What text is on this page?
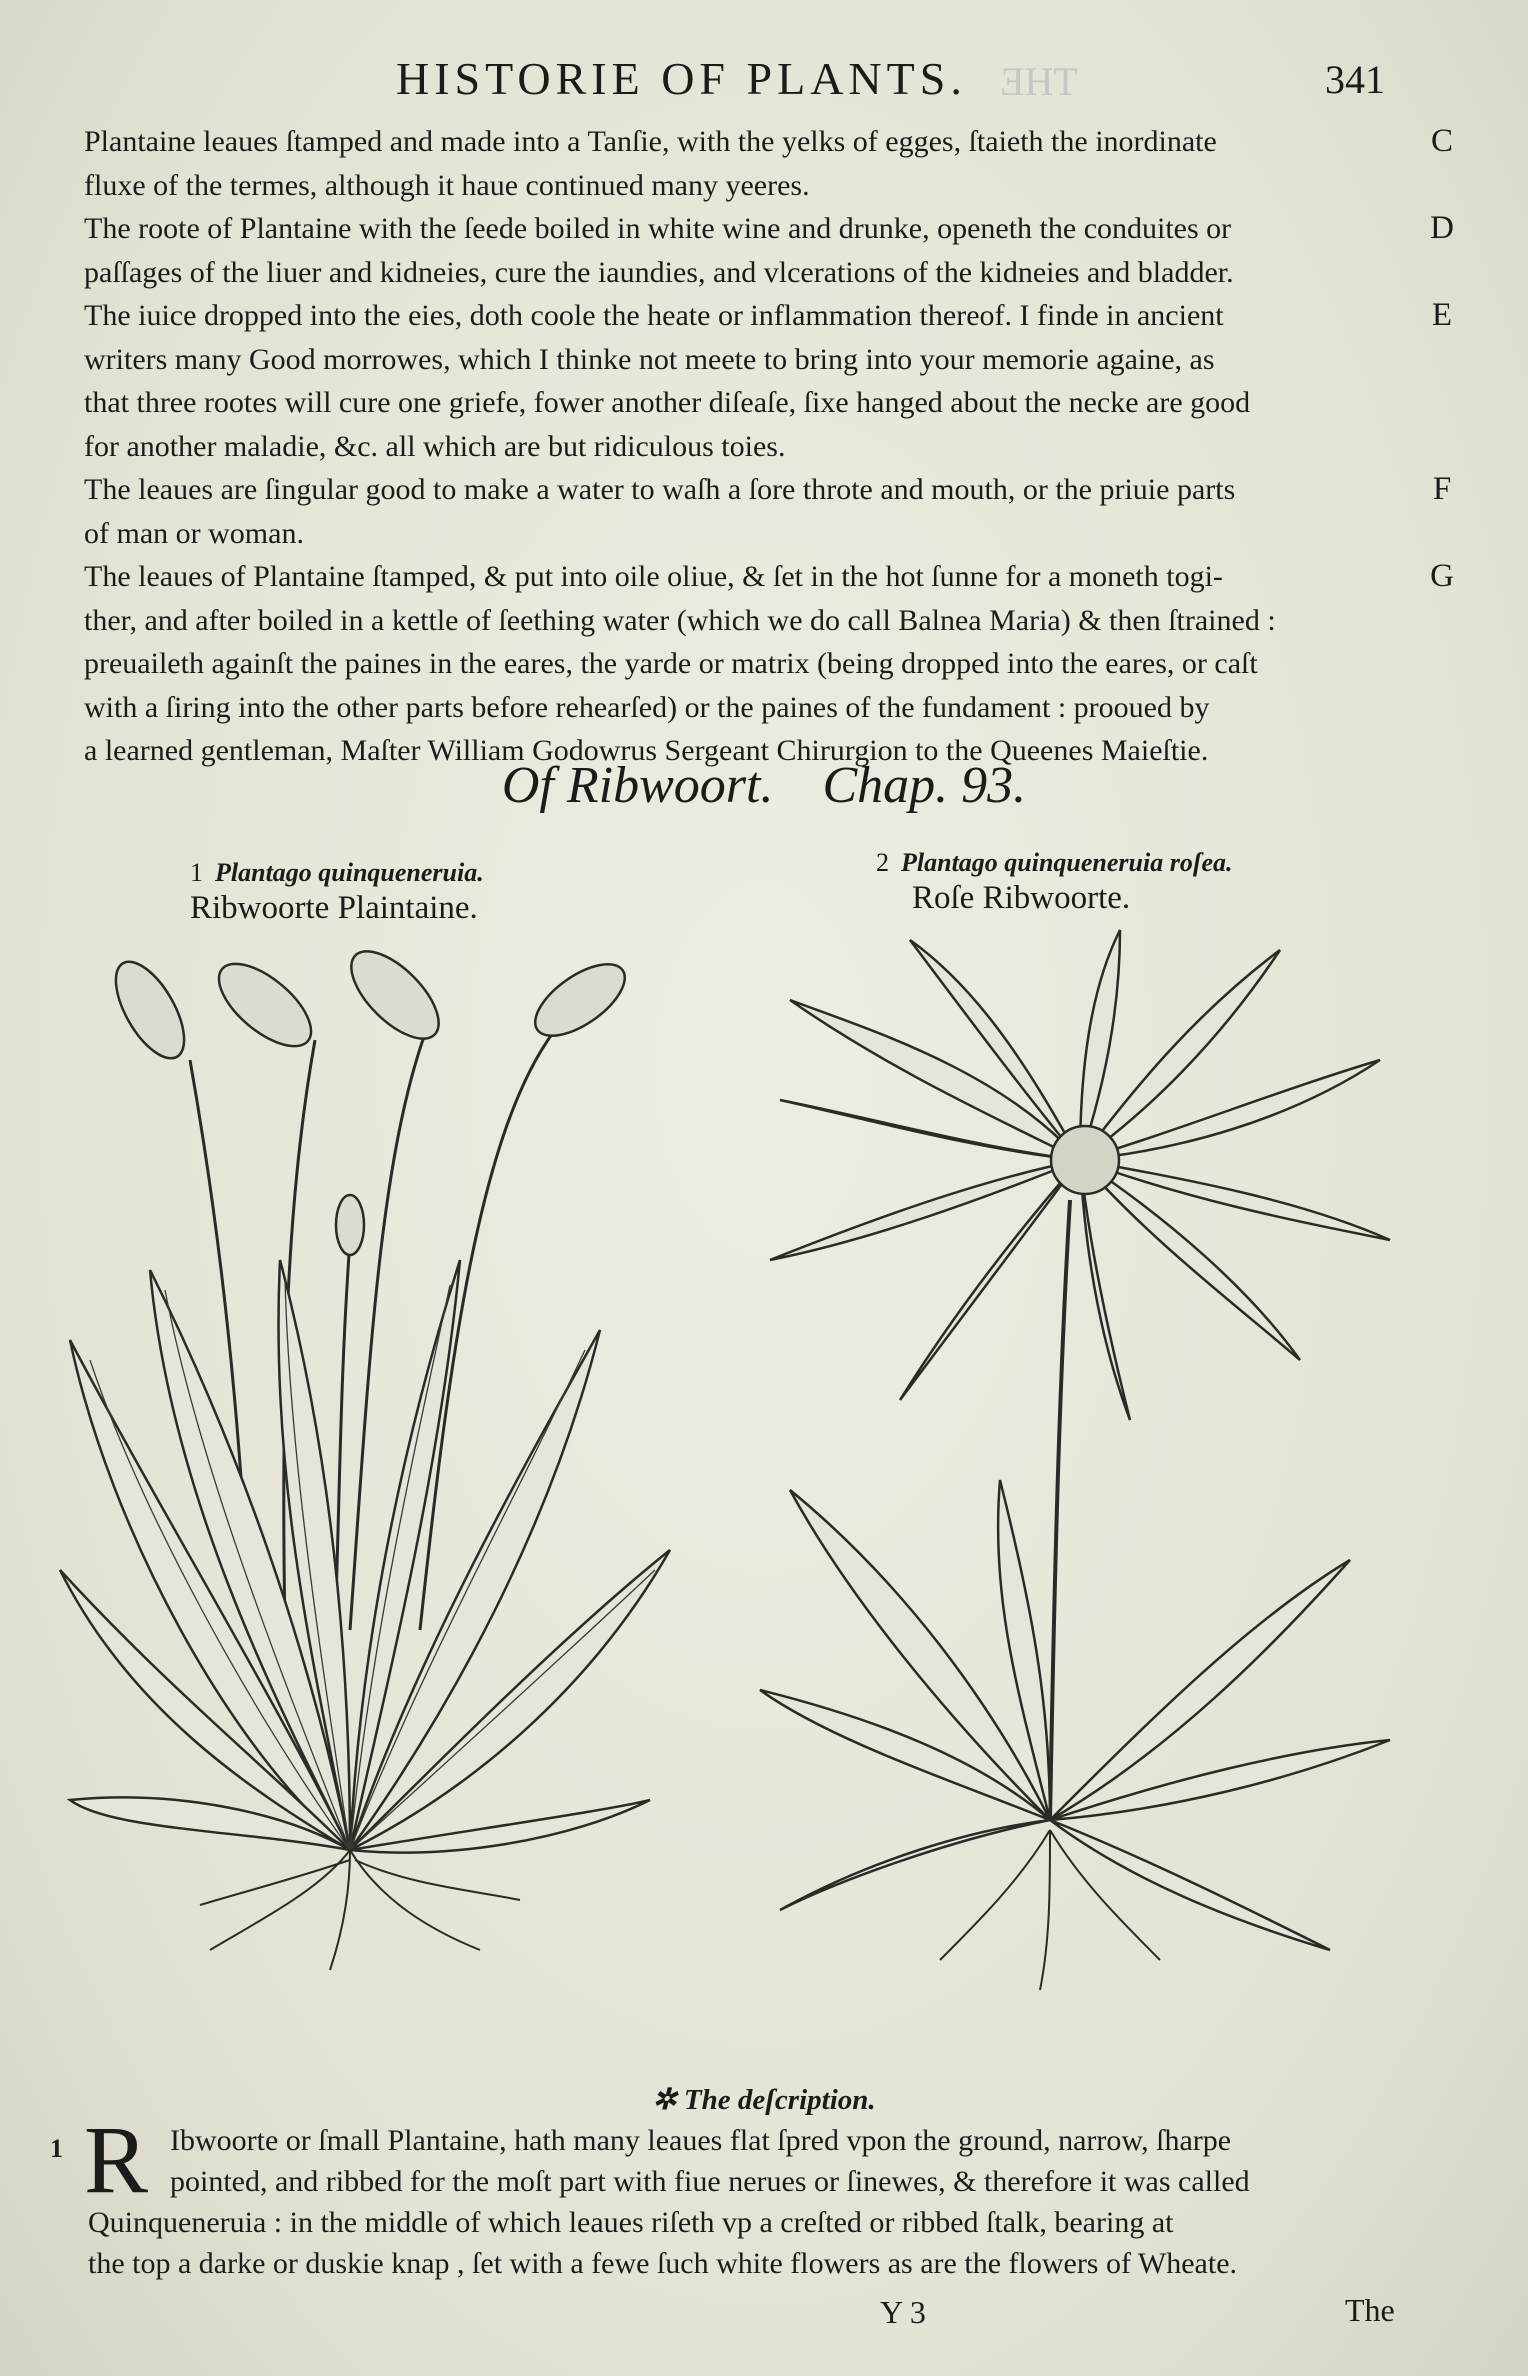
THE
HISTORIE OF PLANTS.	341
C
Plantaine leaues ſtamped and made into a Tanſie, with the yelks of egges, ſtaieth the inordinate
fluxe of the termes, although it haue continued many yeeres.
D
The roote of Plantaine with the ſeede boiled in white wine and drunke, openeth the conduites or
paſſages of the liuer and kidneies, cure the iaundies, and vlcerations of the kidneies and bladder.
E
The iuice dropped into the eies, doth coole the heate or inflammation thereof. I finde in ancient
writers many Good morrowes, which I thinke not meete to bring into your memorie againe, as
that three rootes will cure one griefe, fower another diſeaſe, ſixe hanged about the necke are good
for another maladie, &c. all which are but ridiculous toies.
F
The leaues are ſingular good to make a water to waſh a ſore throte and mouth, or the priuie parts
of man or woman.
G
The leaues of Plantaine ſtamped, & put into oile oliue, & ſet in the hot ſunne for a moneth togi-
ther, and after boiled in a kettle of ſeething water (which we do call Balnea Maria) & then ſtrained :
preuaileth againſt the paines in the eares, the yarde or matrix (being dropped into the eares, or caſt
with a ſiring into the other parts before rehearſed) or the paines of the fundament : prooued by
a learned gentleman, Maſter William Godowrus Sergeant Chirurgion to the Queenes Maieſtie.
Of Ribwoort. Chap. 93.
1 Plantago quinqueneruia.
Ribwoorte Plaintaine.
2 Plantago quinqueneruia roſea.
Roſe Ribwoorte.
✲ The deſcription.
1 R Ibwoorte or ſmall Plantaine, hath many leaues flat ſpred vpon the ground, narrow, ſharpe
pointed, and ribbed for the moſt part with fiue nerues or ſinewes, & therefore it was called
Quinqueneruia : in the middle of which leaues riſeth vp a creſted or ribbed ſtalk, bearing at
the top a darke or duskie knap , ſet with a fewe ſuch white flowers as are the flowers of Wheate.
Y 3	The
